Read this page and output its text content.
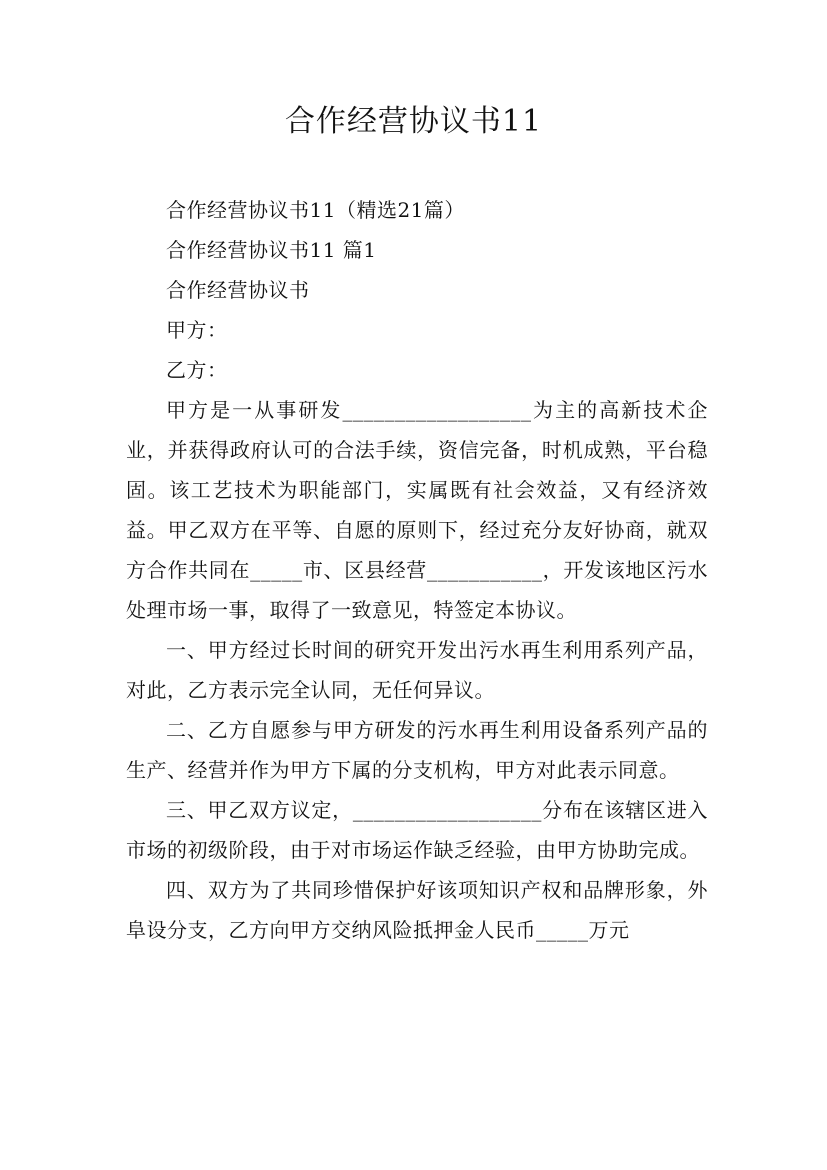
合作经营协议书11

合作经营协议书11（精选21篇）

合作经营协议书11 篇1

合作经营协议书

甲方：

乙方：

甲方是一从事研发__________________为主的高新技术企业，并获得政府认可的合法手续，资信完备，时机成熟，平台稳固。该工艺技术为职能部门，实属既有社会效益，又有经济效益。甲乙双方在平等、自愿的原则下，经过充分友好协商，就双方合作共同在_____市、区县经营___________，开发该地区污水处理市场一事，取得了一致意见，特签定本协议。

一、甲方经过长时间的研究开发出污水再生利用系列产品，对此，乙方表示完全认同，无任何异议。

二、乙方自愿参与甲方研发的污水再生利用设备系列产品的生产、经营并作为甲方下属的分支机构，甲方对此表示同意。

三、甲乙双方议定，__________________分布在该辖区进入市场的初级阶段，由于对市场运作缺乏经验，由甲方协助完成。

四、双方为了共同珍惜保护好该项知识产权和品牌形象，外阜设分支，乙方向甲方交纳风险抵押金人民币_____万元
